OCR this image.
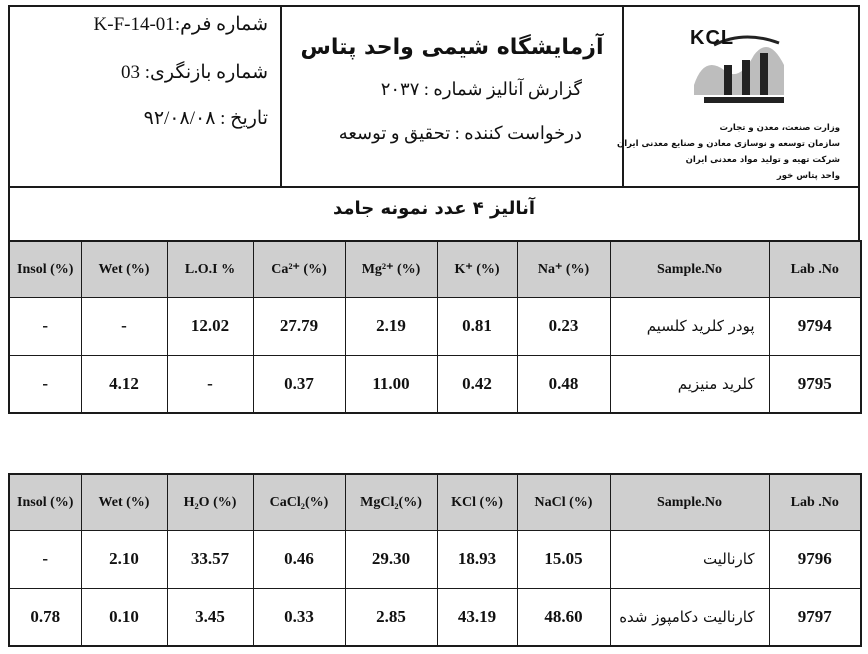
شماره فرم:K-F-14-01
شماره بازنگری: 03
تاریخ : ۹۲/۰۸/۰۸
آزمایشگاه شیمی واحد پتاس
گزارش آنالیز شماره : ۲۰۳۷
درخواست کننده : تحقیق و توسعه
KCL
وزارت صنعت، معدن و تجارت
سازمان توسعه و نوسازی معادن و صنایع معدنی ایران
شرکت تهیه و تولید مواد معدنی ایران
واحد پتاس خور
آنالیز ۴ عدد نمونه جامد
Insol (%)	Wet (%)	L.O.I %	Ca²⁺ (%)	Mg²⁺ (%)	K⁺ (%)	Na⁺ (%)	Sample.No	Lab .No
-	-	12.02	27.79	2.19	0.81	0.23	پودر کلرید کلسیم	9794
-	4.12	-	0.37	11.00	0.42	0.48	کلرید منیزیم	9795
Insol (%)	Wet (%)	H₂O (%)	CaCl₂(%)	MgCl₂(%)	KCl (%)	NaCl (%)	Sample.No	Lab .No
-	2.10	33.57	0.46	29.30	18.93	15.05	کارنالیت	9796
0.78	0.10	3.45	0.33	2.85	43.19	48.60	کارنالیت دکامپوز شده	9797
